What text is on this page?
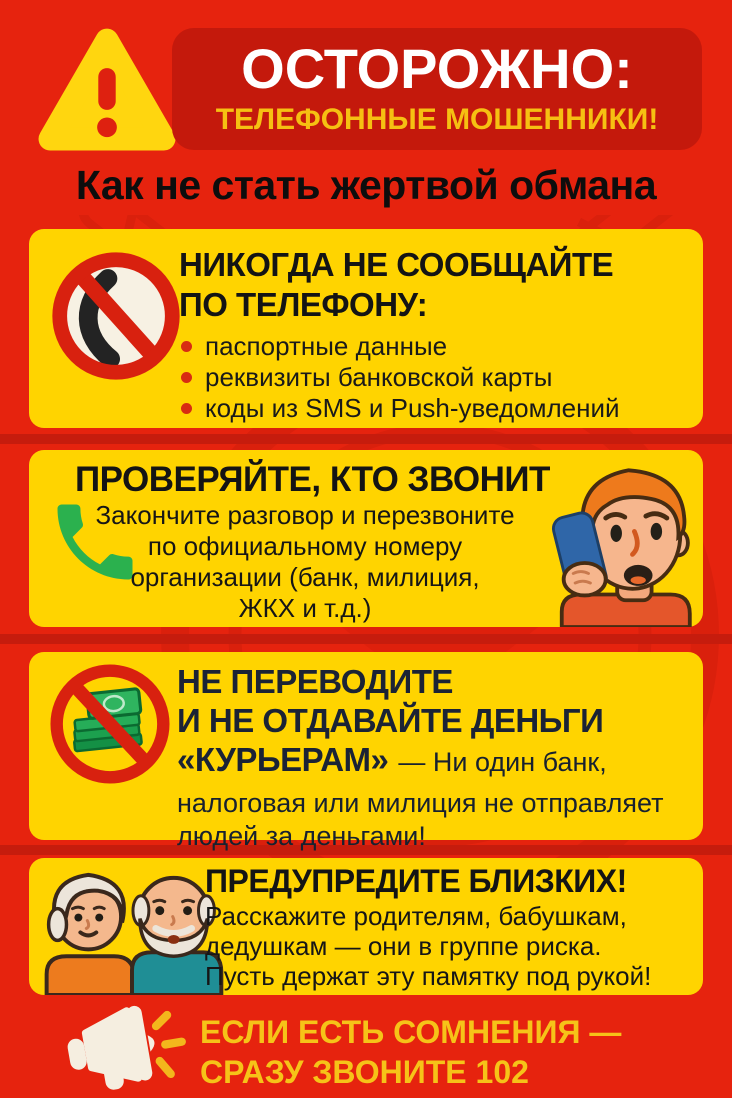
ОСТОРОЖНО:
ТЕЛЕФОННЫЕ МОШЕННИКИ!
Как не стать жертвой обмана
НИКОГДА НЕ СООБЩАЙТЕ
ПО ТЕЛЕФОНУ:
паспортные данные
реквизиты банковской карты
коды из SMS и Push-уведомлений
ПРОВЕРЯЙТЕ, КТО ЗВОНИТ
Закончите разговор и перезвоните
по официальному номеру
организации (банк, милиция,
ЖКХ и т.д.)
НЕ ПЕРЕВОДИТЕ
И НЕ ОТДАВАЙТЕ ДЕНЬГИ
«КУРЬЕРАМ» — Ни один банк,
налоговая или милиция не отправляет
людей за деньгами!
ПРЕДУПРЕДИТЕ БЛИЗКИХ!
Расскажите родителям, бабушкам,
дедушкам — они в группе риска.
Пусть держат эту памятку под рукой!
ЕСЛИ ЕСТЬ СОМНЕНИЯ —
СРАЗУ ЗВОНИТЕ 102
